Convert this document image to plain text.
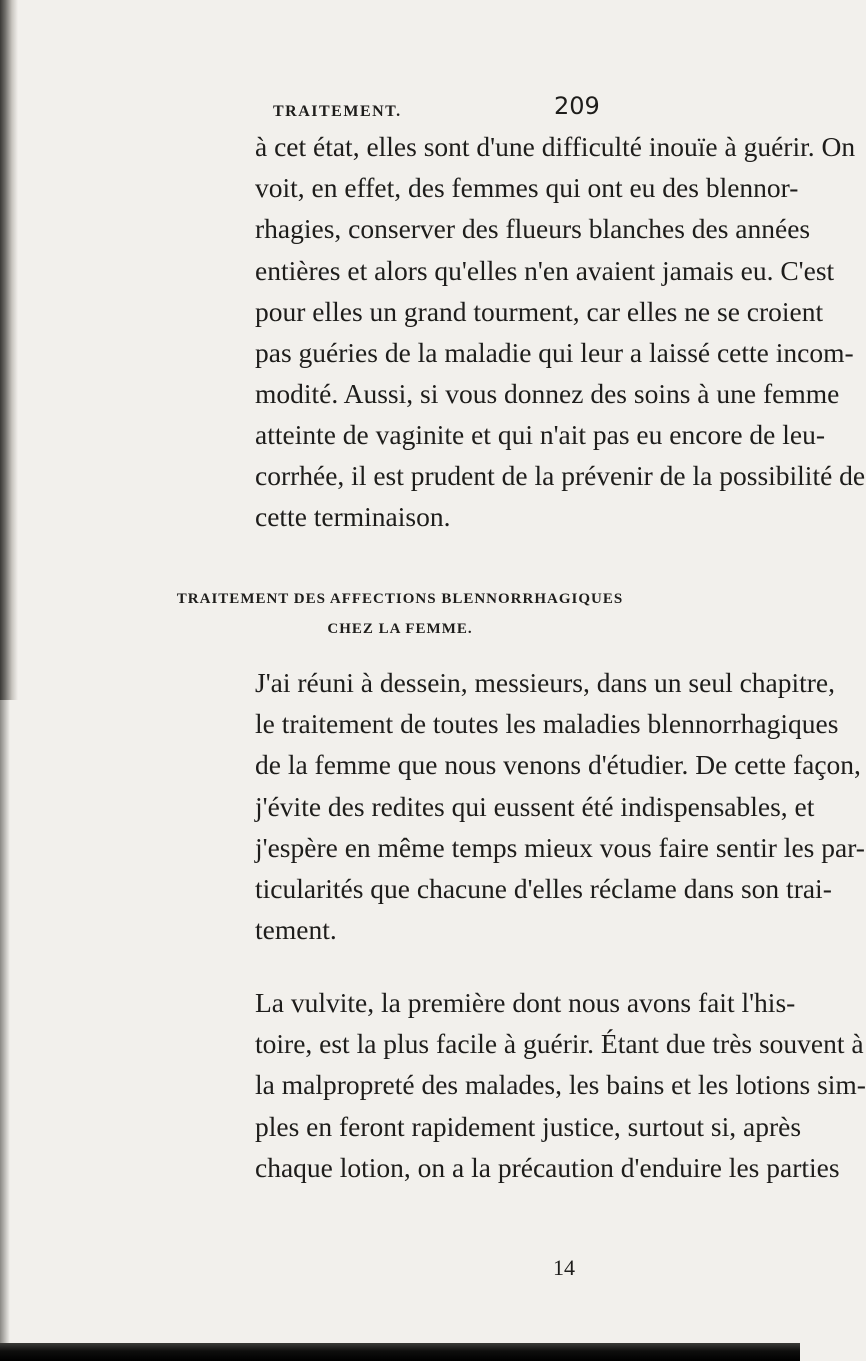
TRAITEMENT.	209

à cet état, elles sont d'une difficulté inouïe à guérir. On

voit, en effet, des femmes qui ont eu des blennor-

rhagies, conserver des flueurs blanches des années

entières et alors qu'elles n'en avaient jamais eu. C'est

pour elles un grand tourment, car elles ne se croient

pas guéries de la maladie qui leur a laissé cette incom-

modité. Aussi, si vous donnez des soins à une femme

atteinte de vaginite et qui n'ait pas eu encore de leu-

corrhée, il est prudent de la prévenir de la possibilité de

cette terminaison.

TRAITEMENT DES AFFECTIONS BLENNORRHAGIQUES

CHEZ LA FEMME.

J'ai réuni à dessein, messieurs, dans un seul chapitre,

le traitement de toutes les maladies blennorrhagiques

de la femme que nous venons d'étudier. De cette façon,

j'évite des redites qui eussent été indispensables, et

j'espère en même temps mieux vous faire sentir les par-

ticularités que chacune d'elles réclame dans son trai-

tement.

La vulvite, la première dont nous avons fait l'his-

toire, est la plus facile à guérir. Étant due très souvent à

la malpropreté des malades, les bains et les lotions sim-

ples en feront rapidement justice, surtout si, après

chaque lotion, on a la précaution d'enduire les parties

14
